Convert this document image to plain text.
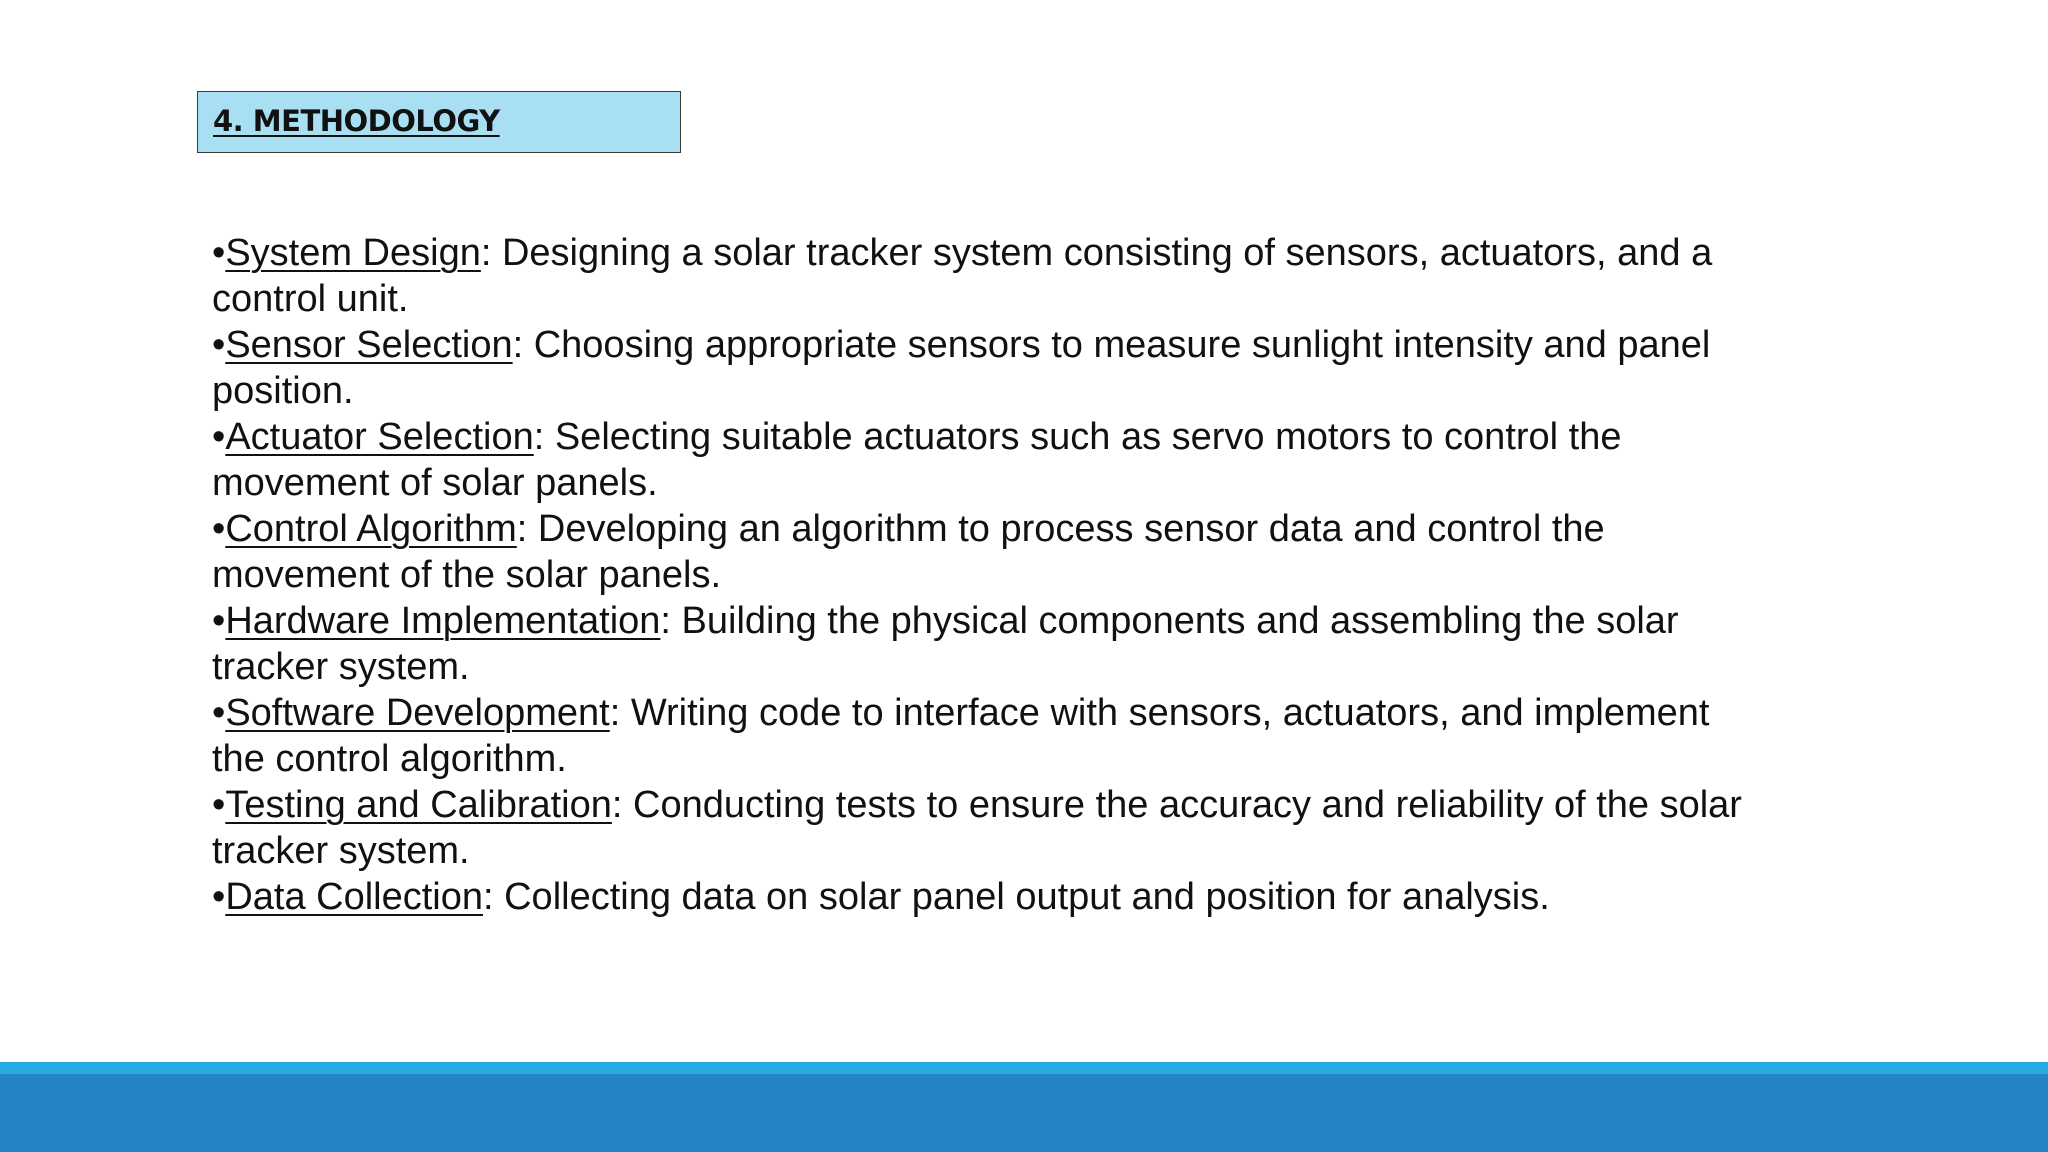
4. METHODOLOGY

•System Design: Designing a solar tracker system consisting of sensors, actuators, and a control unit.

•Sensor Selection: Choosing appropriate sensors to measure sunlight intensity and panel position.

•Actuator Selection: Selecting suitable actuators such as servo motors to control the movement of solar panels.

•Control Algorithm: Developing an algorithm to process sensor data and control the movement of the solar panels.

•Hardware Implementation: Building the physical components and assembling the solar tracker system.

•Software Development: Writing code to interface with sensors, actuators, and implement the control algorithm.

•Testing and Calibration: Conducting tests to ensure the accuracy and reliability of the solar tracker system.

•Data Collection: Collecting data on solar panel output and position for analysis.
